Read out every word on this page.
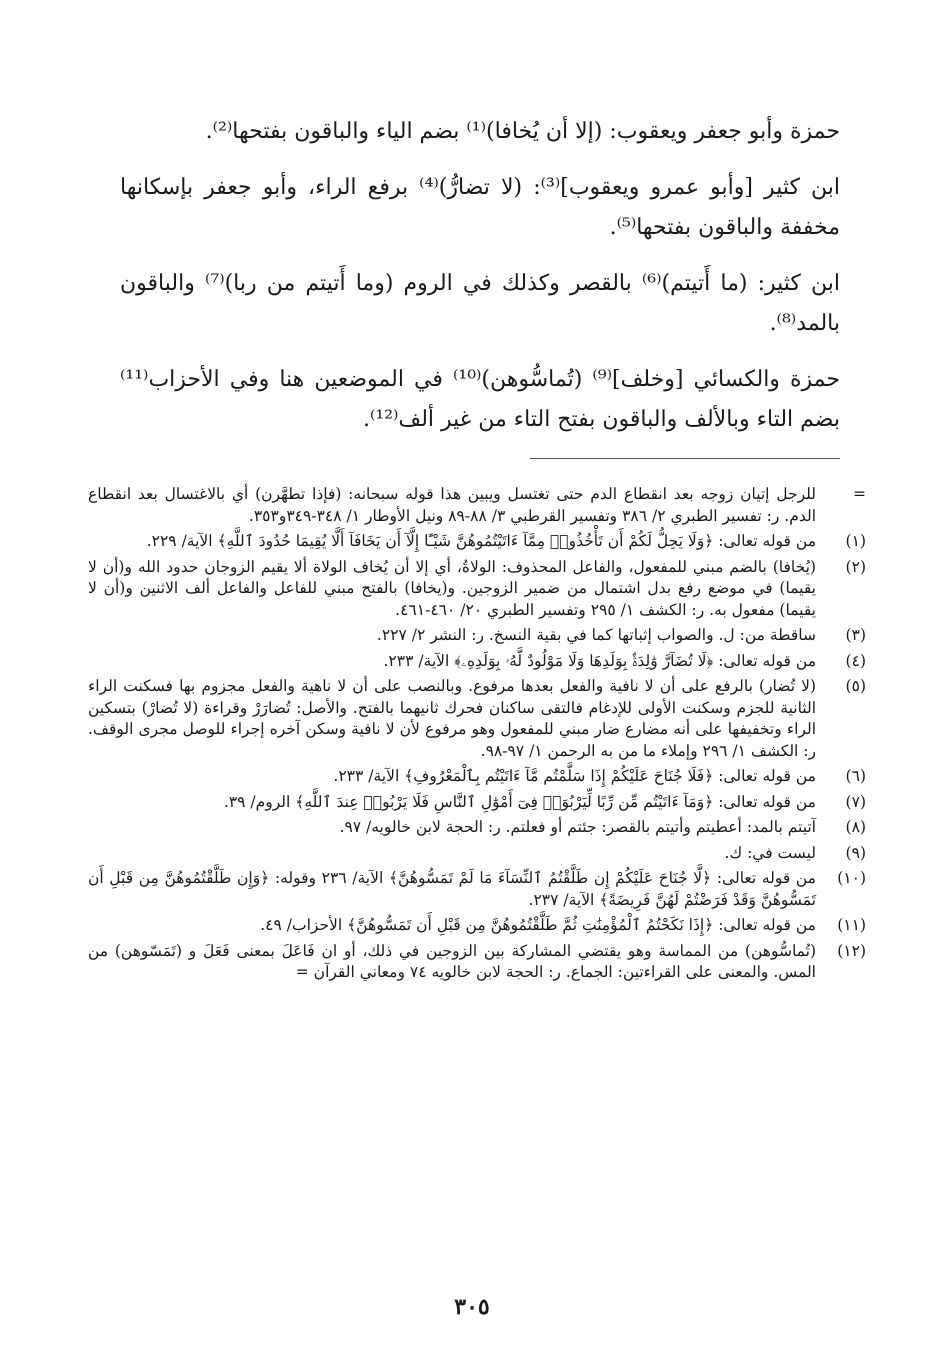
حمزة وأبو جعفر ويعقوب: (إلا أن يُخافا)⁽¹⁾ بضم الياء والباقون بفتحها⁽²⁾.

ابن كثير [وأبو عمرو ويعقوب]⁽³⁾: (لا تضارُّ)⁽⁴⁾ برفع الراء، وأبو جعفر بإسكانها مخففة والباقون بفتحها⁽⁵⁾.

ابن كثير: (ما أَتيتم)⁽⁶⁾ بالقصر وكذلك في الروم (وما أَتيتم من ربا)⁽⁷⁾ والباقون بالمد⁽⁸⁾.

حمزة والكسائي [وخلف]⁽⁹⁾ (تُماسُّوهن)⁽¹⁰⁾ في الموضعين هنا وفي الأحزاب⁽¹¹⁾ بضم التاء وبالألف والباقون بفتح التاء من غير ألف⁽¹²⁾.

=
للرجل إتيان زوجه بعد انقطاع الدم حتى تغتسل ويبين هذا قوله سبحانه: (فإذا تطهَّرن) أي بالاغتسال بعد انقطاع الدم. ر: تفسير الطبري ٢/ ٣٨٦ وتفسير القرطبي ٣/ ٨٨-٨٩ ونيل الأوطار ١/ ٣٤٨-٣٤٩و٣٥٣.
(١)
من قوله تعالى: ﴿وَلَا يَحِلُّ لَكُمْ أَن تَأْخُذُوا۟ مِمَّآ ءَاتَيْتُمُوهُنَّ شَيْـًٔا إِلَّآ أَن يَخَافَآ أَلَّا يُقِيمَا حُدُودَ ٱللَّهِ﴾ الآية/ ٢٢٩.
(٢)
(يُخافا) بالضم مبني للمفعول، والفاعل المحذوف: الولاةُ، أي إلا أن يُخاف الولاة ألا يقيم الزوجان حدود الله و(أن لا يقيما) في موضع رفع بدل اشتمال من ضمير الزوجين. و(يخافا) بالفتح مبني للفاعل والفاعل ألف الاثنين و(أن لا يقيما) مفعول به. ر: الكشف ١/ ٢٩٥ وتفسير الطبري ٢٠/ ٤٦٠-٤٦١.
(٣)
ساقطة من: ل. والصواب إثباتها كما في بقية النسخ. ر: النشر ٢/ ٢٢٧.
(٤)
من قوله تعالى: ﴿لَا تُضَآرَّ وَٰلِدَةٌۢ بِوَلَدِهَا وَلَا مَوْلُودٌ لَّهُۥ بِوَلَدِهِۦ﴾ الآية/ ٢٣٣.
(٥)
(لا تُضار) بالرفع على أن لا نافية والفعل بعدها مرفوع. وبالنصب على أن لا ناهية والفعل مجزوم بها فسكنت الراء الثانية للجزم وسكنت الأولى للإدغام فالتقى ساكنان فحرك ثانيهما بالفتح. والأصل: تُضارَرْ وقراءة (لا تُضارْ) بتسكين الراء وتخفيفها على أنه مضارع ضار مبني للمفعول وهو مرفوع لأن لا نافية وسكن آخره إجراء للوصل مجرى الوقف. ر: الكشف ١/ ٢٩٦ وإملاء ما من به الرحمن ١/ ٩٧-٩٨.
(٦)
من قوله تعالى: ﴿فَلَا جُنَاحَ عَلَيْكُمْ إِذَا سَلَّمْتُم مَّآ ءَاتَيْتُم بِٱلْمَعْرُوفِ﴾ الآية/ ٢٣٣.
(٧)
من قوله تعالى: ﴿وَمَآ ءَاتَيْتُم مِّن رِّبًا لِّيَرْبُوَا۟ فِىٓ أَمْوَٰلِ ٱلنَّاسِ فَلَا يَرْبُوا۟ عِندَ ٱللَّهِ﴾ الروم/ ٣٩.
(٨)
آتيتم بالمد: أعطيتم وأتيتم بالقصر: جئتم أو فعلتم. ر: الحجة لابن خالويه/ ٩٧.
(٩)
ليست في: ك.
(١٠)
من قوله تعالى: ﴿لَّا جُنَاحَ عَلَيْكُمْ إِن طَلَّقْتُمُ ٱلنِّسَآءَ مَا لَمْ تَمَسُّوهُنَّ﴾ الآية/ ٢٣٦ وقوله: ﴿وَإِن طَلَّقْتُمُوهُنَّ مِن قَبْلِ أَن تَمَسُّوهُنَّ وَقَدْ فَرَضْتُمْ لَهُنَّ فَرِيضَةً﴾ الآية/ ٢٣٧.
(١١)
من قوله تعالى: ﴿إِذَا نَكَحْتُمُ ٱلْمُؤْمِنَٰتِ ثُمَّ طَلَّقْتُمُوهُنَّ مِن قَبْلِ أَن تَمَسُّوهُنَّ﴾ الأحزاب/ ٤٩.
(١٢)
(تُماسُّوهن) من المماسة وهو يقتضي المشاركة بين الزوجين في ذلك، أو ان فَاعَلَ بمعنى فَعَلَ و (تَمَسّوهن) من المس. والمعنى على القراءتين: الجماع. ر: الحجة لابن خالويه ٧٤ ومعاني القرآن =
٣٠٥
